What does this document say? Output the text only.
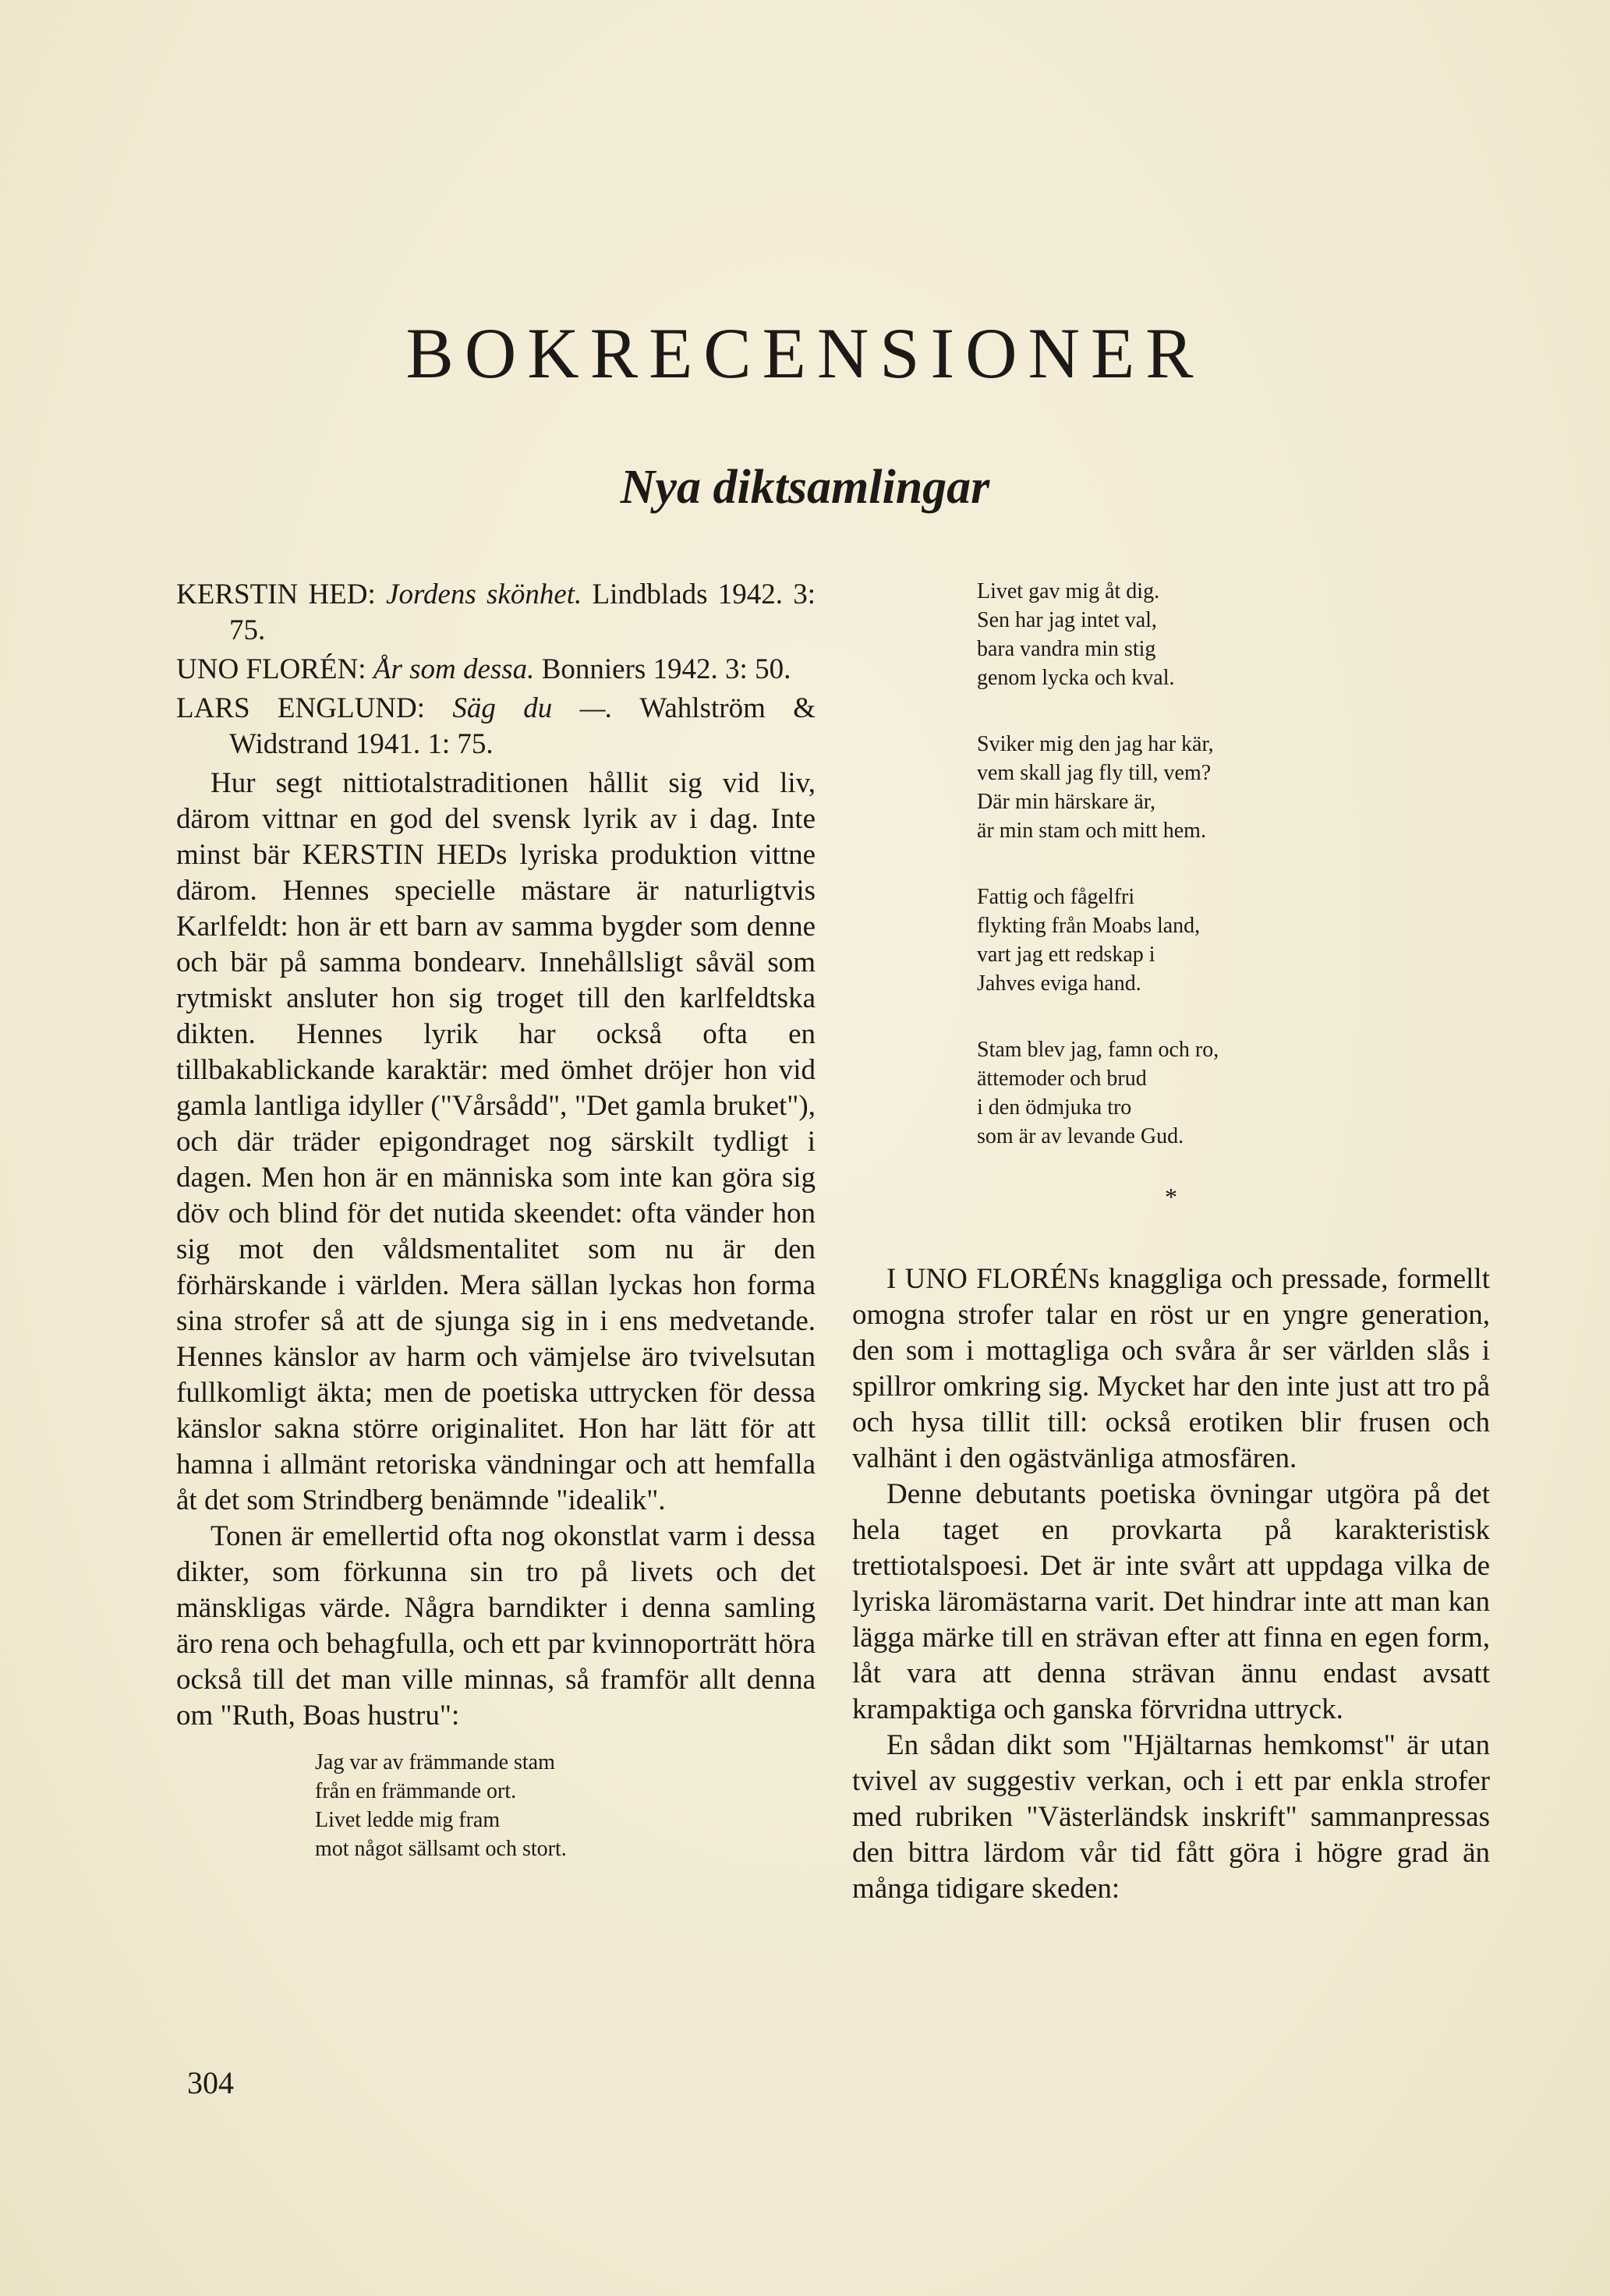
BOKRECENSIONER
Nya diktsamlingar
KERSTIN HED: Jordens skönhet. Lindblads 1942. 3: 75.
UNO FLORÉN: År som dessa. Bonniers 1942. 3: 50.
LARS ENGLUND: Säg du —. Wahlström & Widstrand 1941. 1: 75.

Hur segt nittiotalstraditionen hållit sig vid liv, därom vittnar en god del svensk lyrik av i dag. Inte minst bär KERSTIN HEDs lyriska produktion vittne därom. Hennes specielle mästare är naturligtvis Karlfeldt: hon är ett barn av samma bygder som denne och bär på samma bondearv. Innehållsligt såväl som rytmiskt ansluter hon sig troget till den karlfeldtska dikten. Hennes lyrik har också ofta en tillbakablickande karaktär: med ömhet dröjer hon vid gamla lantliga idyller ("Vårsådd", "Det gamla bruket"), och där träder epigondraget nog särskilt tydligt i dagen. Men hon är en människa som inte kan göra sig döv och blind för det nutida skeendet: ofta vänder hon sig mot den våldsmentalitet som nu är den förhärskande i världen. Mera sällan lyckas hon forma sina strofer så att de sjunga sig in i ens medvetande. Hennes känslor av harm och vämjelse äro tvivelsutan fullkomligt äkta; men de poetiska uttrycken för dessa känslor sakna större originalitet. Hon har lätt för att hamna i allmänt retoriska vändningar och att hemfalla åt det som Strindberg benämnde "idealik".

Tonen är emellertid ofta nog okonstlat varm i dessa dikter, som förkunna sin tro på livets och det mänskligas värde. Några barndikter i denna samling äro rena och behagfulla, och ett par kvinnoporträtt höra också till det man ville minnas, så framför allt denna om "Ruth, Boas hustru":

Jag var av främmande stam
från en främmande ort.
Livet ledde mig fram
mot något sällsamt och stort.
Livet gav mig åt dig.
Sen har jag intet val,
bara vandra min stig
genom lycka och kval.
Sviker mig den jag har kär,
vem skall jag fly till, vem?
Där min härskare är,
är min stam och mitt hem.
Fattig och fågelfri
flykting från Moabs land,
vart jag ett redskap i
Jahves eviga hand.
Stam blev jag, famn och ro,
ättemoder och brud
i den ödmjuka tro
som är av levande Gud.
*

I UNO FLORÉNs knaggliga och pressade, formellt omogna strofer talar en röst ur en yngre generation, den som i mottagliga och svåra år ser världen slås i spillror omkring sig. Mycket har den inte just att tro på och hysa tillit till: också erotiken blir frusen och valhänt i den ogästvänliga atmosfären.

Denne debutants poetiska övningar utgöra på det hela taget en provkarta på karakteristisk trettiotalspoesi. Det är inte svårt att uppdaga vilka de lyriska läromästarna varit. Det hindrar inte att man kan lägga märke till en strävan efter att finna en egen form, låt vara att denna strävan ännu endast avsatt krampaktiga och ganska förvridna uttryck.

En sådan dikt som "Hjältarnas hemkomst" är utan tvivel av suggestiv verkan, och i ett par enkla strofer med rubriken "Västerländsk inskrift" sammanpressas den bittra lärdom vår tid fått göra i högre grad än många tidigare skeden:

304
